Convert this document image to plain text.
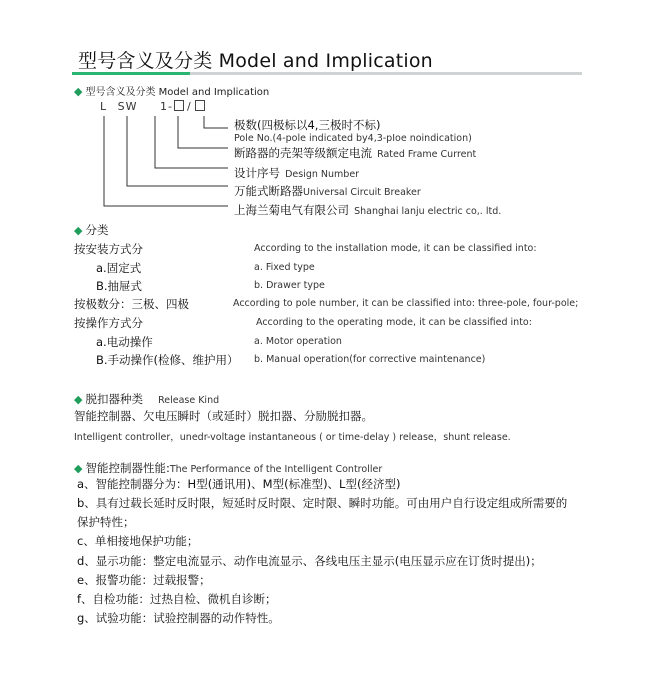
型号含义及分类 Model and Implication
◆ 型号含义及分类 Model and Implication
L SW 1- /
极数(四极标以4,三极时不标)
Pole No.(4-pole indicated by4,3-pIoe noindication)
断路器的壳架等级额定电流 Rated Frame Current
设计序号 Design Number
万能式断路器Universal Circuit Breaker
上海兰菊电气有限公司 Shanghai lanju electric co,. ltd.
◆ 分类
按安装方式分	According to the installation mode, it can be classified into:
a.固定式	a. Fixed type
B.抽屉式	b. Drawer type
按极数分：三极、四极	According to pole number, it can be classified into: three-pole, four-pole;
按操作方式分	According to the operating mode, it can be classified into:
a.电动操作	a. Motor operation
B.手动操作(检修、维护用） b. Manual operation(for corrective maintenance)
◆ 脱扣器种类 Release Kind
智能控制器、欠电压瞬时（或延时）脱扣器、分励脱扣器。
Intelligent controller，unedr-voltage instantaneous ( or time-delay ) release，shunt release.
◆ 智能控制器性能:The Performance of the Intelligent Controller
a、智能控制器分为：H型(通讯用)、M型(标准型)、L型(经济型)
b、具有过载长延时反时限，短延时反时限、定时限、瞬时功能。可由用户自行设定组成所需要的
保护特性；
c、单相接地保护功能；
d、显示功能：整定电流显示、动作电流显示、各线电压主显示(电压显示应在订货时提出)；
e、报警功能：过载报警；
f、自检功能：过热自检、微机自诊断；
g、试验功能：试验控制器的动作特性。
